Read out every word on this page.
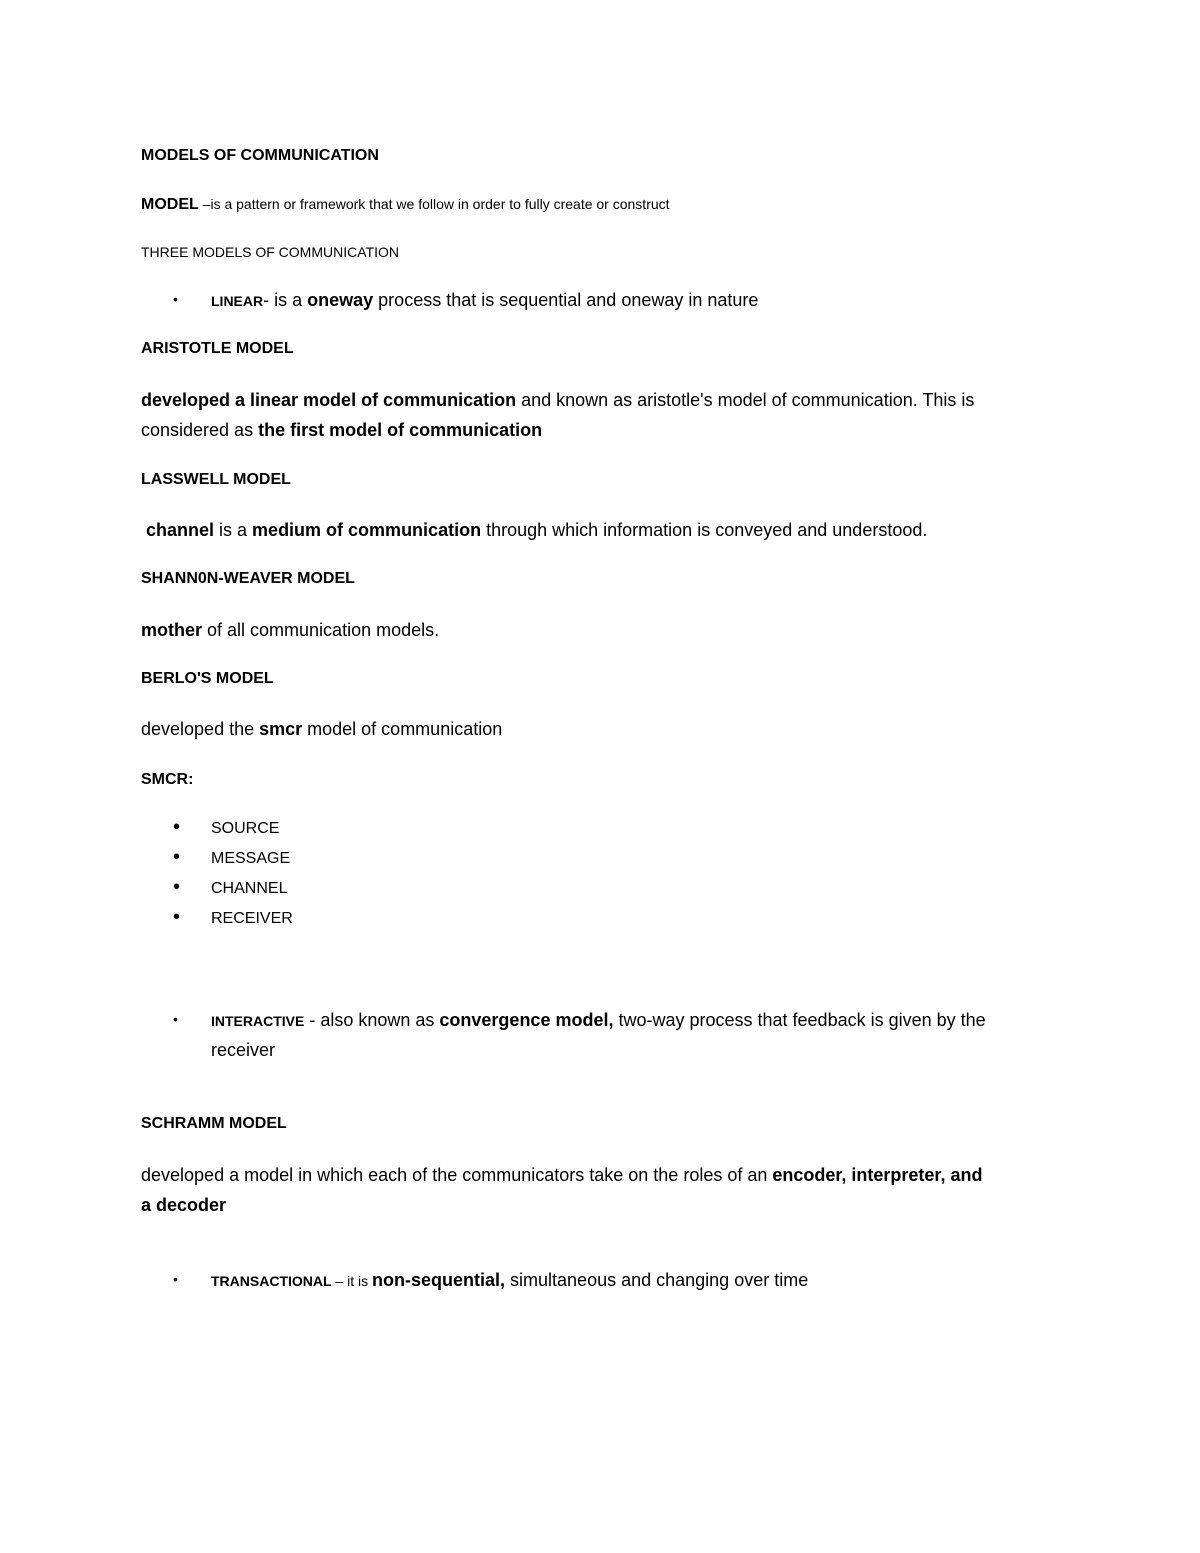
MODELS OF COMMUNICATION
MODEL –is a pattern or framework that we follow in order to fully create or construct
THREE MODELS OF COMMUNICATION
• LINEAR- is a oneway process that is sequential and oneway in nature
ARISTOTLE MODEL
developed a linear model of communication and known as aristotle's model of communication. This is
considered as the first model of communication
LASSWELL MODEL
channel is a medium of communication through which information is conveyed and understood.
SHANN0N-WEAVER MODEL
mother of all communication models.
BERLO'S MODEL
developed the smcr model of communication
SMCR:
• SOURCE
• MESSAGE
• CHANNEL
• RECEIVER
• INTERACTIVE - also known as convergence model, two-way process that feedback is given by the
receiver
SCHRAMM MODEL
developed a model in which each of the communicators take on the roles of an encoder, interpreter, and
a decoder
• TRANSACTIONAL – it is non-sequential, simultaneous and changing over time
